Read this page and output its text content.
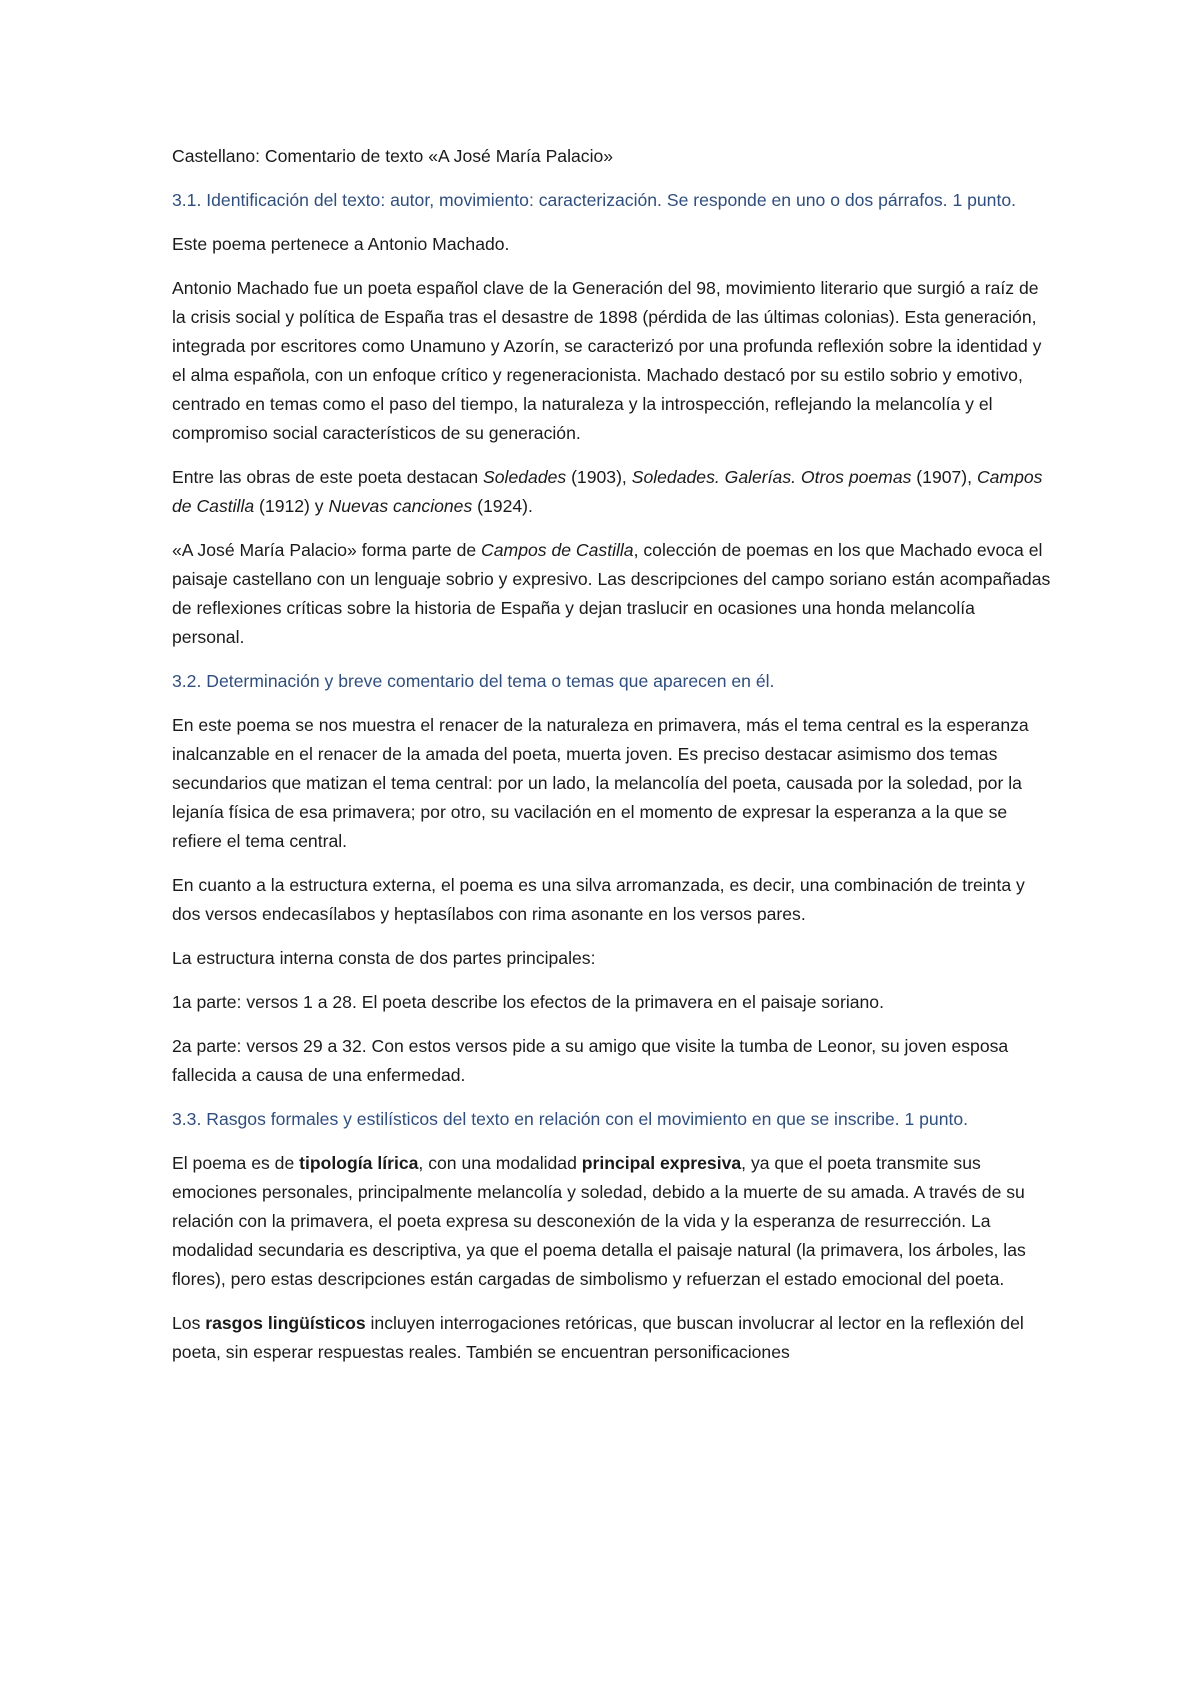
Castellano: Comentario de texto «A José María Palacio»

3.1. Identificación del texto: autor, movimiento: caracterización. Se responde en uno o dos párrafos. 1 punto.

Este poema pertenece a Antonio Machado.

Antonio Machado fue un poeta español clave de la Generación del 98, movimiento literario que surgió a raíz de la crisis social y política de España tras el desastre de 1898 (pérdida de las últimas colonias). Esta generación, integrada por escritores como Unamuno y Azorín, se caracterizó por una profunda reflexión sobre la identidad y el alma española, con un enfoque crítico y regeneracionista. Machado destacó por su estilo sobrio y emotivo, centrado en temas como el paso del tiempo, la naturaleza y la introspección, reflejando la melancolía y el compromiso social característicos de su generación.

Entre las obras de este poeta destacan Soledades (1903), Soledades. Galerías. Otros poemas (1907), Campos de Castilla (1912) y Nuevas canciones (1924).

«A José María Palacio» forma parte de Campos de Castilla, colección de poemas en los que Machado evoca el paisaje castellano con un lenguaje sobrio y expresivo. Las descripciones del campo soriano están acompañadas de reflexiones críticas sobre la historia de España y dejan traslucir en ocasiones una honda melancolía personal.

3.2. Determinación y breve comentario del tema o temas que aparecen en él.

En este poema se nos muestra el renacer de la naturaleza en primavera, más el tema central es la esperanza inalcanzable en el renacer de la amada del poeta, muerta joven. Es preciso destacar asimismo dos temas secundarios que matizan el tema central: por un lado, la melancolía del poeta, causada por la soledad, por la lejanía física de esa primavera; por otro, su vacilación en el momento de expresar la esperanza a la que se refiere el tema central.

En cuanto a la estructura externa, el poema es una silva arromanzada, es decir, una combinación de treinta y dos versos endecasílabos y heptasílabos con rima asonante en los versos pares.

La estructura interna consta de dos partes principales:

1a parte: versos 1 a 28. El poeta describe los efectos de la primavera en el paisaje soriano.

2a parte: versos 29 a 32. Con estos versos pide a su amigo que visite la tumba de Leonor, su joven esposa fallecida a causa de una enfermedad.

3.3. Rasgos formales y estilísticos del texto en relación con el movimiento en que se inscribe. 1 punto.

El poema es de tipología lírica, con una modalidad principal expresiva, ya que el poeta transmite sus emociones personales, principalmente melancolía y soledad, debido a la muerte de su amada. A través de su relación con la primavera, el poeta expresa su desconexión de la vida y la esperanza de resurrección. La modalidad secundaria es descriptiva, ya que el poema detalla el paisaje natural (la primavera, los árboles, las flores), pero estas descripciones están cargadas de simbolismo y refuerzan el estado emocional del poeta.

Los rasgos lingüísticos incluyen interrogaciones retóricas, que buscan involucrar al lector en la reflexión del poeta, sin esperar respuestas reales. También se encuentran personificaciones
